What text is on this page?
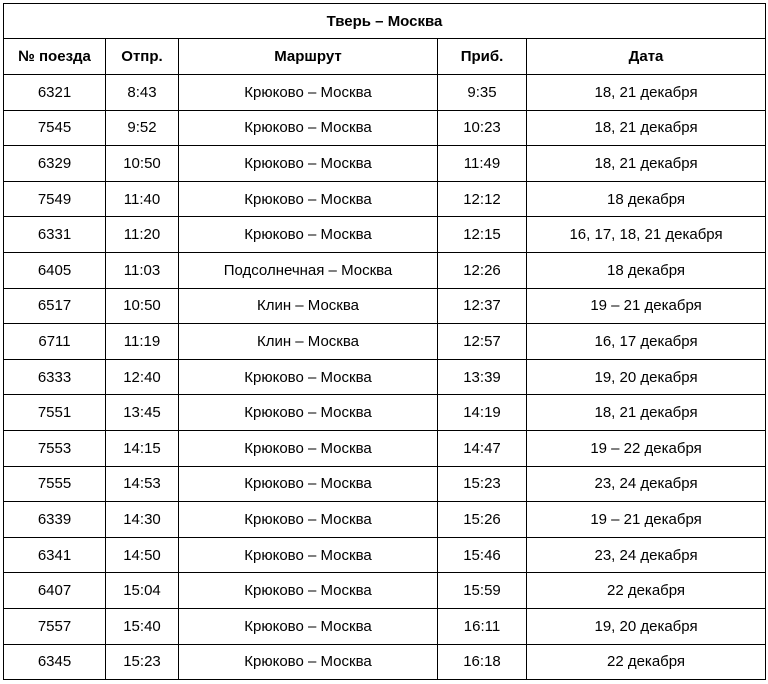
Тверь – Москва				
№ поезда	Отпр.	Маршрут	Приб.	Дата
6321	8:43	Крюково – Москва	9:35	18, 21 декабря
7545	9:52	Крюково – Москва	10:23	18, 21 декабря
6329	10:50	Крюково – Москва	11:49	18, 21 декабря
7549	11:40	Крюково – Москва	12:12	18 декабря
6331	11:20	Крюково – Москва	12:15	16, 17, 18, 21 декабря
6405	11:03	Подсолнечная – Москва	12:26	18 декабря
6517	10:50	Клин – Москва	12:37	19 – 21 декабря
6711	11:19	Клин – Москва	12:57	16, 17 декабря
6333	12:40	Крюково – Москва	13:39	19, 20 декабря
7551	13:45	Крюково – Москва	14:19	18, 21 декабря
7553	14:15	Крюково – Москва	14:47	19 – 22 декабря
7555	14:53	Крюково – Москва	15:23	23, 24 декабря
6339	14:30	Крюково – Москва	15:26	19 – 21 декабря
6341	14:50	Крюково – Москва	15:46	23, 24 декабря
6407	15:04	Крюково – Москва	15:59	22 декабря
7557	15:40	Крюково – Москва	16:11	19, 20 декабря
6345	15:23	Крюково – Москва	16:18	22 декабря
